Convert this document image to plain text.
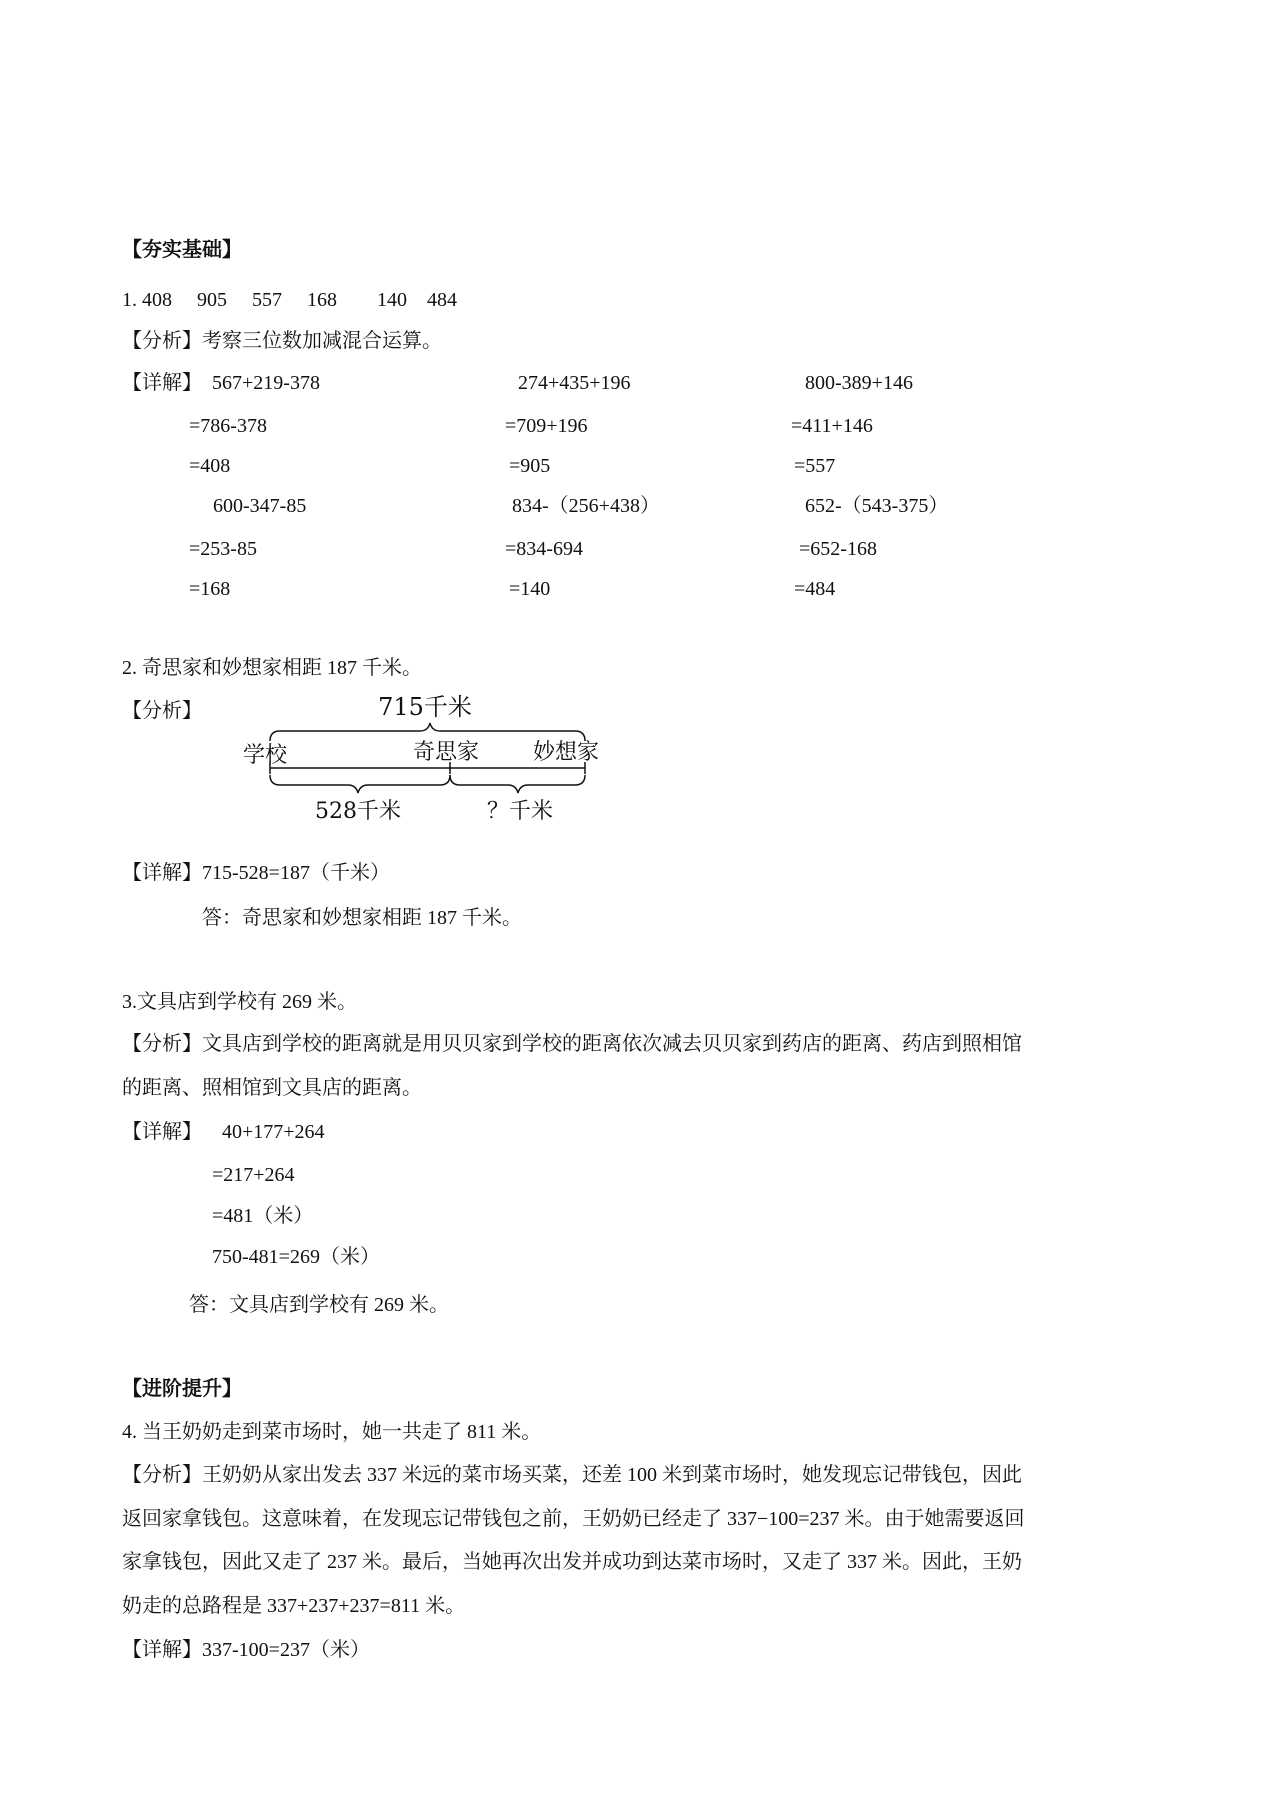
【夯实基础】
1. 408　 905　 557　 168　　140　484
【分析】考察三位数加减混合运算。
【详解】 567+219-378
=786-378
=408
274+435+196
=709+196
=905
800-389+146
=411+146
=557
600-347-85
=253-85
=168
834-（256+438）
=834-694
=140
652-（543-375）
=652-168
=484
2. 奇思家和妙想家相距 187 千米。
【分析】	715千米
学校	奇思家 妙想家
528千米	？千米
【详解】715-528=187（千米）
答：奇思家和妙想家相距 187 千米。
3.文具店到学校有 269 米。
【分析】文具店到学校的距离就是用贝贝家到学校的距离依次减去贝贝家到药店的距离、药店到照相馆
的距离、照相馆到文具店的距离。
【详解】 40+177+264
=217+264
=481（米）
750-481=269（米）
答：文具店到学校有 269 米。
【进阶提升】
4. 当王奶奶走到菜市场时，她一共走了 811 米。
【分析】王奶奶从家出发去 337 米远的菜市场买菜，还差 100 米到菜市场时，她发现忘记带钱包，因此
返回家拿钱包。这意味着，在发现忘记带钱包之前，王奶奶已经走了 337−100=237 米。由于她需要返回
家拿钱包，因此又走了 237 米。最后，当她再次出发并成功到达菜市场时，又走了 337 米。因此，王奶
奶走的总路程是 337+237+237=811 米。
【详解】337-100=237（米）
